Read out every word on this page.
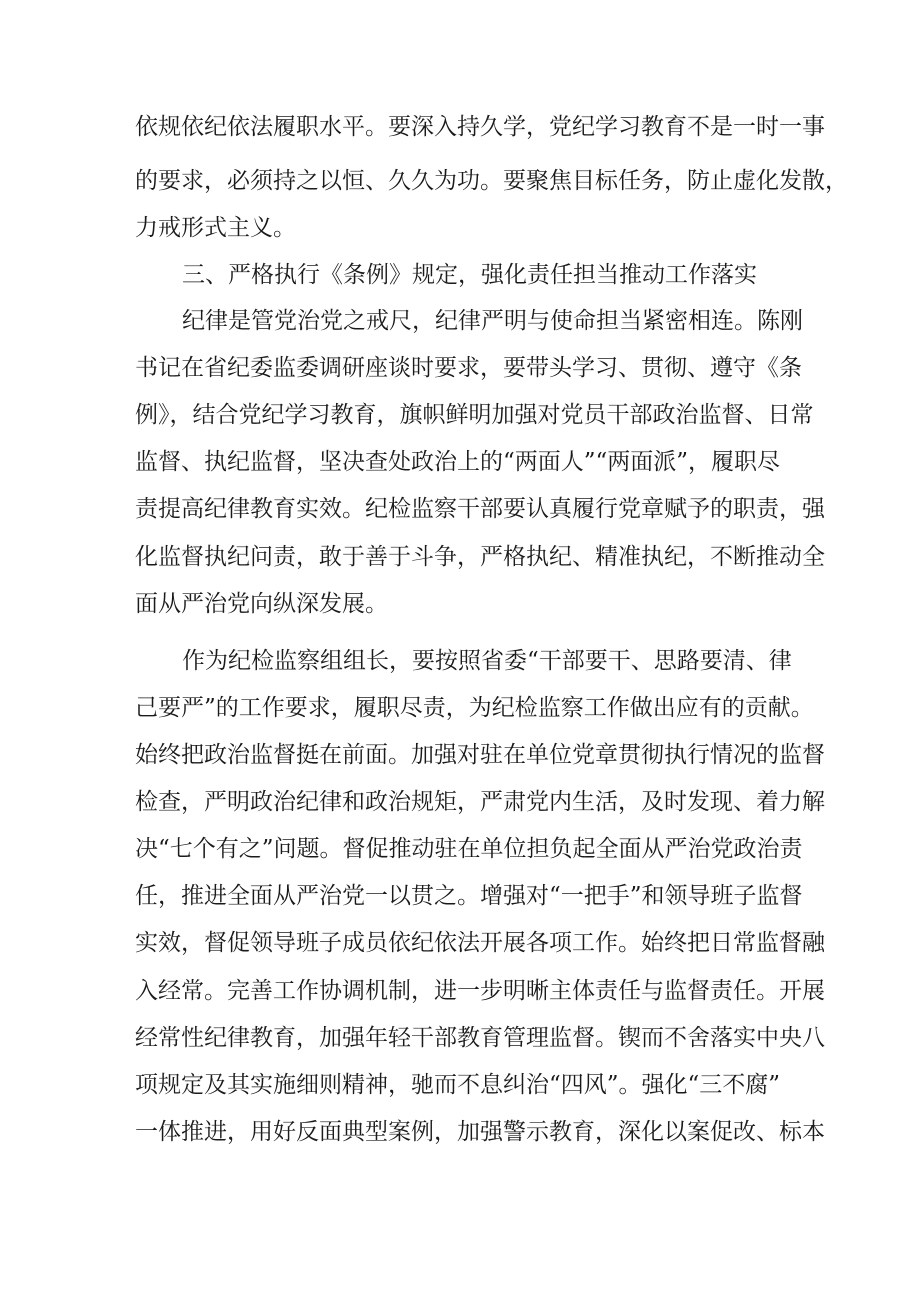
依规依纪依法履职水平。要深入持久学，党纪学习教育不是一时一事
的要求，必须持之以恒、久久为功。要聚焦目标任务，防止虚化发散，
力戒形式主义。
三、严格执行《条例》规定，强化责任担当推动工作落实
纪律是管党治党之戒尺，纪律严明与使命担当紧密相连。陈刚
书记在省纪委监委调研座谈时要求，要带头学习、贯彻、遵守《条
例》，结合党纪学习教育，旗帜鲜明加强对党员干部政治监督、日常
监督、执纪监督，坚决查处政治上的“两面人”“两面派”，履职尽
责提高纪律教育实效。纪检监察干部要认真履行党章赋予的职责，强
化监督执纪问责，敢于善于斗争，严格执纪、精准执纪，不断推动全
面从严治党向纵深发展。
作为纪检监察组组长，要按照省委“干部要干、思路要清、律
己要严”的工作要求，履职尽责，为纪检监察工作做出应有的贡献。
始终把政治监督挺在前面。加强对驻在单位党章贯彻执行情况的监督
检查，严明政治纪律和政治规矩，严肃党内生活，及时发现、着力解
决“七个有之”问题。督促推动驻在单位担负起全面从严治党政治责
任，推进全面从严治党一以贯之。增强对“一把手”和领导班子监督
实效，督促领导班子成员依纪依法开展各项工作。始终把日常监督融
入经常。完善工作协调机制，进一步明晰主体责任与监督责任。开展
经常性纪律教育，加强年轻干部教育管理监督。锲而不舍落实中央八
项规定及其实施细则精神，驰而不息纠治“四风”。强化“三不腐”
一体推进，用好反面典型案例，加强警示教育，深化以案促改、标本
